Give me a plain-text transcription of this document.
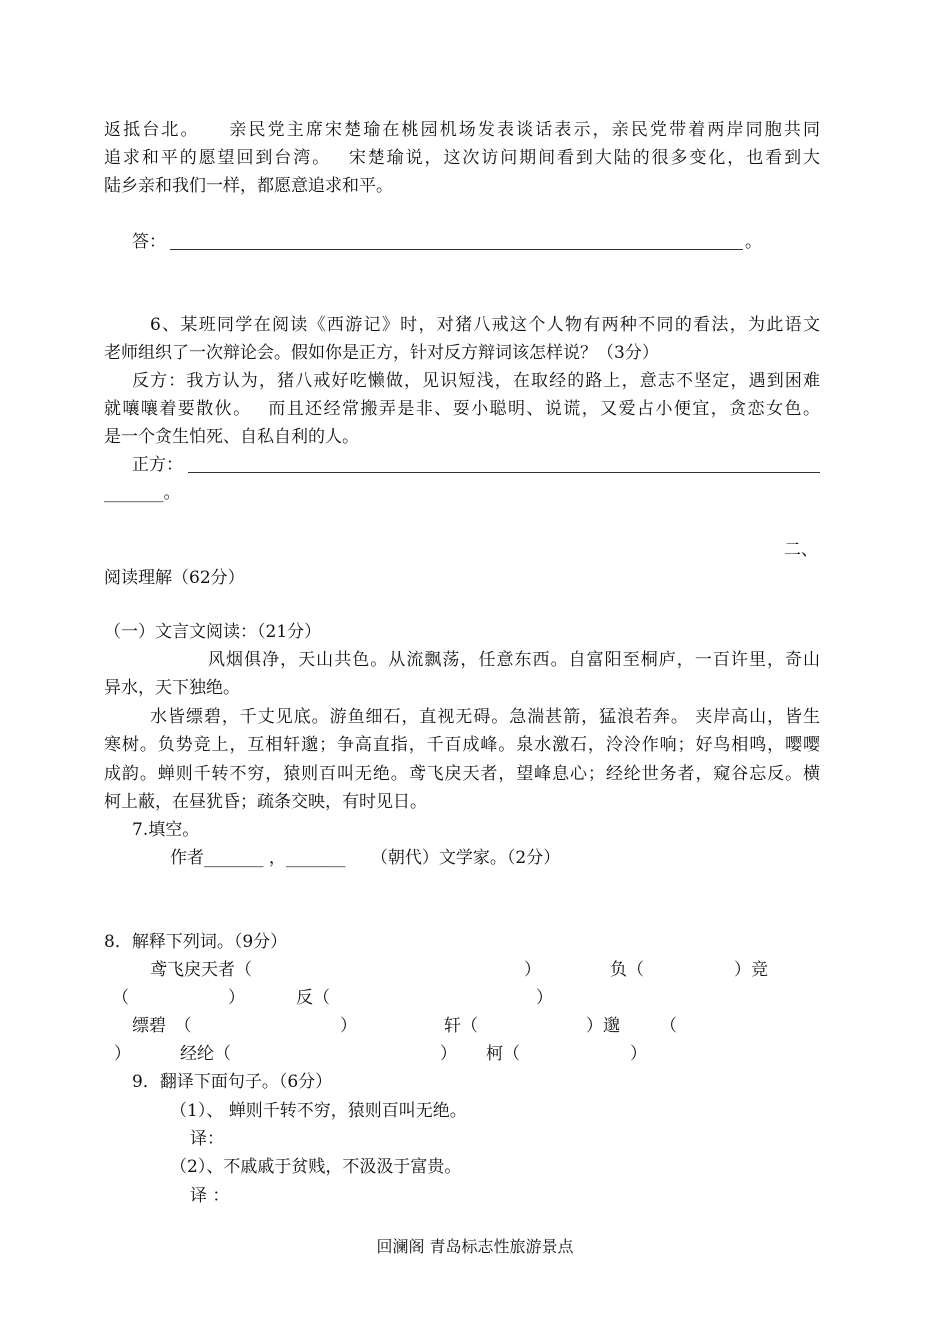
返抵台北。　　亲民党主席宋楚瑜在桃园机场发表谈话表示，亲民党带着两岸同胞共同
追求和平的愿望回到台湾。　 宋楚瑜说，这次访问期间看到大陆的很多变化，也看到大
陆乡亲和我们一样，都愿意追求和平。
答：	。
6、某班同学在阅读《西游记》时，对猪八戒这个人物有两种不同的看法，为此语文
老师组织了一次辩论会。假如你是正方，针对反方辩词该怎样说？（3分）
反方：我方认为，猪八戒好吃懒做，见识短浅，在取经的路上，意志不坚定，遇到困难
就嚷嚷着要散伙。　 而且还经常搬弄是非、耍小聪明、说谎，又爱占小便宜，贪恋女色。
是一个贪生怕死、自私自利的人。
正方：
_______。
二、
阅读理解（62分）
（一）文言文阅读：（21分）
风烟俱净，天山共色。从流飘荡，任意东西。自富阳至桐庐，一百许里，奇山
异水，天下独绝。
水皆缥碧，千丈见底。游鱼细石，直视无碍。急湍甚箭，猛浪若奔。 夹岸高山，皆生
寒树。负势竞上，互相轩邈；争高直指，千百成峰。泉水激石，泠泠作响；好鸟相鸣，嘤嘤
成韵。蝉则千转不穷，猿则百叫无绝。鸢飞戾天者，望峰息心；经纶世务者，窥谷忘反。横
柯上蔽，在昼犹昏；疏条交映，有时见日。
7.填空。
作者_______ ，_______　　（朝代）文学家。（2分）
8．解释下列词。（9分）
鸢飞戾天者（	）	负（	）竞
（	）	反（	）
缥碧　（	）	轩（	）邈 （
）	经纶（	） 柯（	）
9．翻译下面句子。（6分）
（1）、 蝉则千转不穷，猿则百叫无绝。
译：
（2）、不戚戚于贫贱，不汲汲于富贵。
译 ：
回澜阁 青岛标志性旅游景点
